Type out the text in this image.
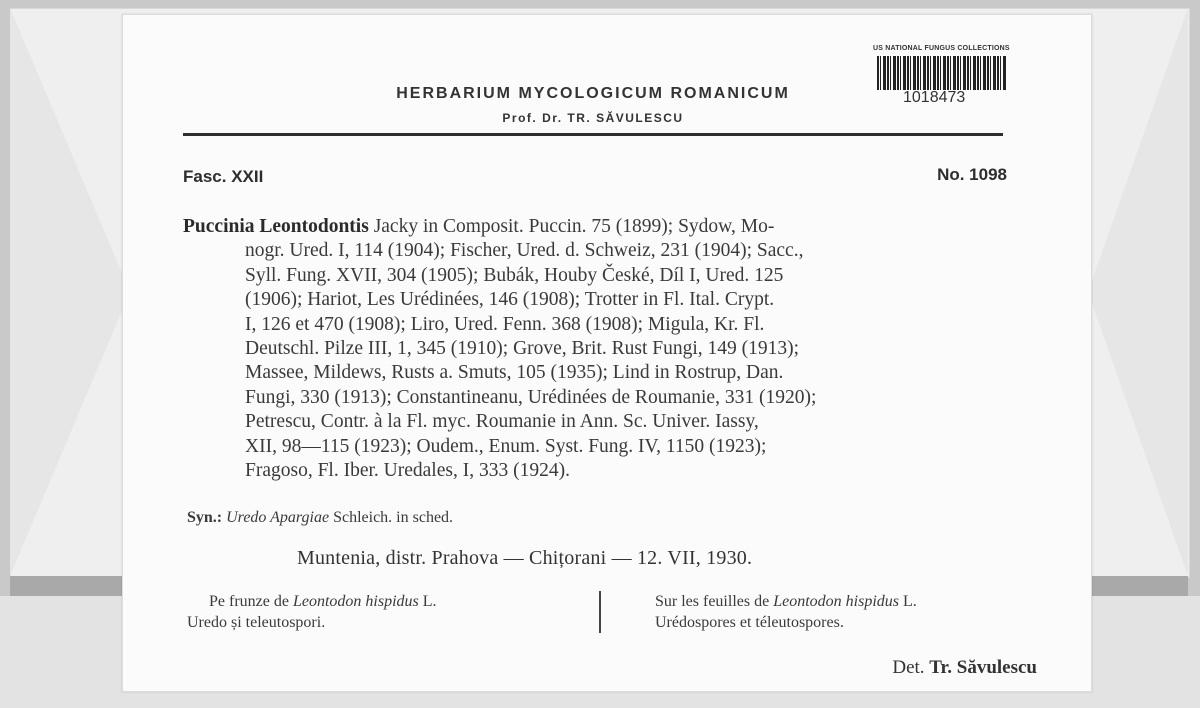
HERBARIUM MYCOLOGICUM ROMANICUM
Prof. Dr. TR. SĂVULESCU
US NATIONAL FUNGUS COLLECTIONS
1018473
Fasc. XXII	No. 1098
Puccinia Leontodontis Jacky in Composit. Puccin. 75 (1899); Sydow, Mo-
nogr. Ured. I, 114 (1904); Fischer, Ured. d. Schweiz, 231 (1904); Sacc.,
Syll. Fung. XVII, 304 (1905); Bubák, Houby České, Díl I, Ured. 125
(1906); Hariot, Les Urédinées, 146 (1908); Trotter in Fl. Ital. Crypt.
I, 126 et 470 (1908); Liro, Ured. Fenn. 368 (1908); Migula, Kr. Fl.
Deutschl. Pilze III, 1, 345 (1910); Grove, Brit. Rust Fungi, 149 (1913);
Massee, Mildews, Rusts a. Smuts, 105 (1935); Lind in Rostrup, Dan.
Fungi, 330 (1913); Constantineanu, Urédinées de Roumanie, 331 (1920);
Petrescu, Contr. à la Fl. myc. Roumanie in Ann. Sc. Univer. Iassy,
XII, 98—115 (1923); Oudem., Enum. Syst. Fung. IV, 1150 (1923);
Fragoso, Fl. Iber. Uredales, I, 333 (1924).
Syn.: Uredo Apargiae Schleich. in sched.
Muntenia, distr. Prahova — Chițorani — 12. VII, 1930.
Pe frunze de Leontodon hispidus L.
Uredo și teleutospori.
Sur les feuilles de Leontodon hispidus L.
Urédospores et téleutospores.
Det. Tr. Săvulescu
